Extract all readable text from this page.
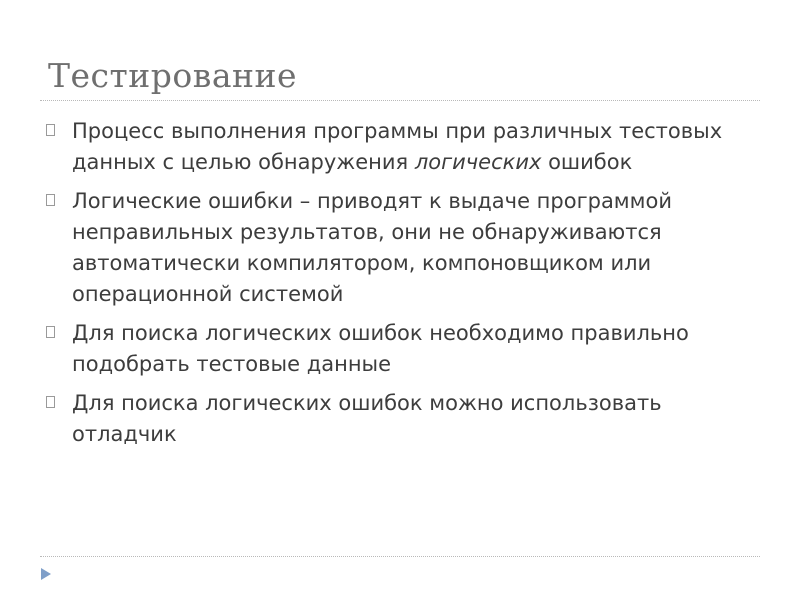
Тестирование
Процесс выполнения программы при различных тестовых данных с целью обнаружения логических ошибок
Логические ошибки – приводят к выдаче программой неправильных результатов, они не обнаруживаются автоматически компилятором, компоновщиком или операционной системой
Для поиска логических ошибок необходимо правильно подобрать тестовые данные
Для поиска логических ошибок можно использовать отладчик
